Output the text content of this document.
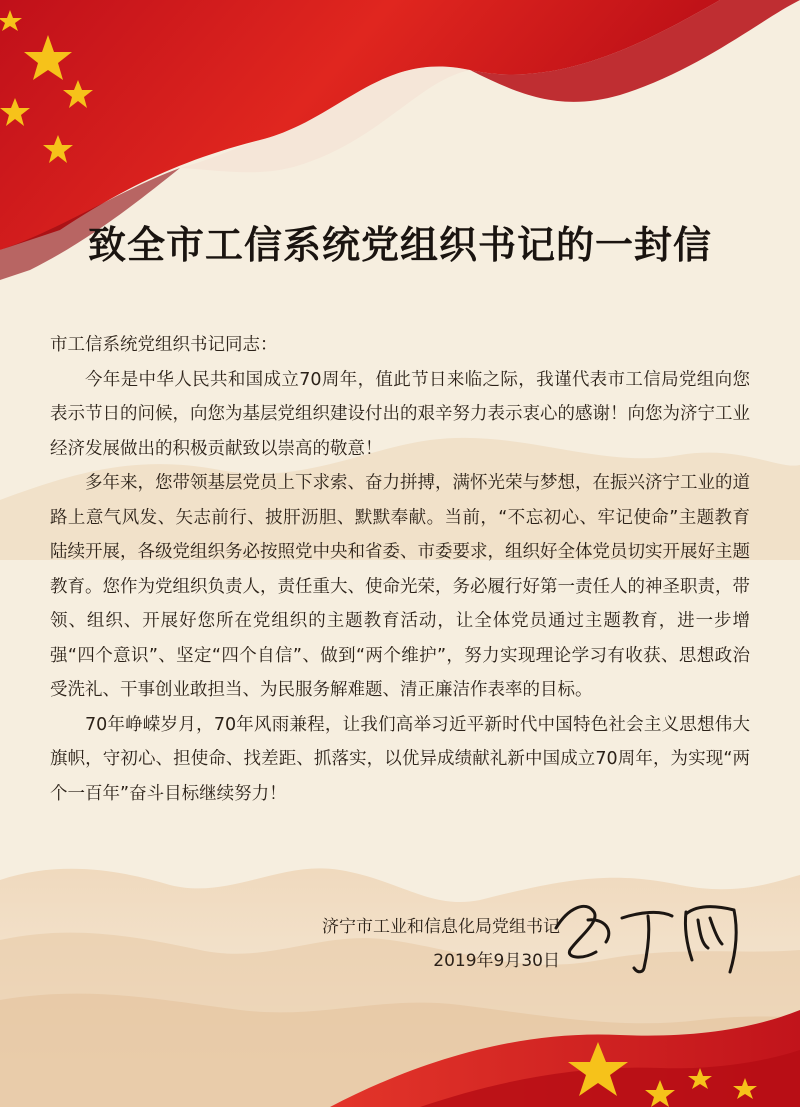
致全市工信系统党组织书记的一封信

市工信系统党组织书记同志：

今年是中华人民共和国成立70周年，值此节日来临之际，我谨代表市工信局党组向您表示节日的问候，向您为基层党组织建设付出的艰辛努力表示衷心的感谢！向您为济宁工业经济发展做出的积极贡献致以崇高的敬意！

多年来，您带领基层党员上下求索、奋力拼搏，满怀光荣与梦想，在振兴济宁工业的道路上意气风发、矢志前行、披肝沥胆、默默奉献。当前，“不忘初心、牢记使命”主题教育陆续开展，各级党组织务必按照党中央和省委、市委要求，组织好全体党员切实开展好主题教育。您作为党组织负责人，责任重大、使命光荣，务必履行好第一责任人的神圣职责，带领、组织、开展好您所在党组织的主题教育活动，让全体党员通过主题教育，进一步增强“四个意识”、坚定“四个自信”、做到“两个维护”，努力实现理论学习有收获、思想政治受洗礼、干事创业敢担当、为民服务解难题、清正廉洁作表率的目标。

70年峥嵘岁月，70年风雨兼程，让我们高举习近平新时代中国特色社会主义思想伟大旗帜，守初心、担使命、找差距、抓落实，以优异成绩献礼新中国成立70周年，为实现“两个一百年”奋斗目标继续努力！

济宁市工业和信息化局党组书记
2019年9月30日
